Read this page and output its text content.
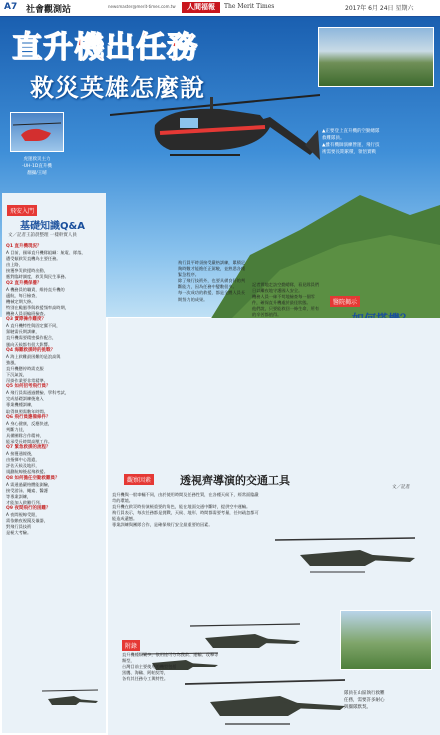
A7 社會觀測站	newsmaster@merit-times.com.tw	人間福報	The Merit Times	2017年 6月 24日 星期六
直升機出任務
救災英雄怎麼說
▲正要登上直升機的空勤總隊
救難隊員。
▲雖有機師演練營運，飛行技
術需要長期累積，領悟實戰
虎運救災主力
-UH-1D直升機
翻攝/王晴
飛安入門
基礎知識Q&A
文／記者王誼晨整理 一樣幹實人員
Q1 直升機現況？
A 目前，國軍直升機隊組織：航電、隊落，
遭受傾救災直機為主要任務。
由上路，
接獲參災救援時出動，
應對臨時調度，救災與民生事務。
Q2 直升機保養？
A 機務員的職責，維持直升機的
適航，每日檢查，
機械定期大修。
特別在颱風季與救援頻率高時期，
機務人員須輪班檢查。
Q3 實際操作難度？
A 直升機特性與固定翼不同，
駕駛需長期訓練，
直升機需要精密操作配合，
風向天候都有很大影響。
Q4 海難救援時的挑戰？
A 海上救難最困難的是浪高與
強風，
直升機懸停時需克服
下沉氣流，
吊掛作業要非常精準。
Q5 如何招考飛行員？
A 飛行員需通過體檢、學科考試，
完成基礎訓練後進入
專業機種訓練，
取得執照需數年時間。
Q6 飛行員應備條件？
A 身心健康，反應快速，
判斷力佳，
具備團隊合作精神，
能承受長時間高壓工作。
Q7 緊急救援的流程？
A 接獲通報後，
由指揮中心派遣，
評估天候及地形，
規劃航線後起飛救援。
Q8 如何擔任空勤救難員？
A 需通過嚴格體能測驗，
接受游泳、繩索、醫護
等專業訓練，
才能加入救難行列。
Q9 夜間飛行的困難？
A 夜間視線受限，
需依賴夜視鏡及儀器，
對飛行員技術
是極大考驗。
飛行員平時須接受嚴格訓練，累積足夠時數才能擔任正駕駛，並熟悉各種緊急程序。
除了飛行技術外，也要具備良好的判斷能力，因為任務中變數很多。
每一次成功的救援，都是全體人員長期努力的成果。
記者實地走訪空勤總隊，看見隊員們日以繼夜地守護國人安全。
機務人員一絲不苟地檢查每一個零件，確保直升機處於最佳狀態。
他們說，只要能救回一條生命，所有的辛苦都值得。
醫院揭示
觀察因素	透視齊導演的交通工具
文／記者
直升機與一般車輛不同，由於使用時間及任務性質，在各種天候下，經常面臨嚴苛的環境。
直升機在救災時扮演極重要的角色，能在地面交通中斷時，提供空中運輸。
飛行員表示，每次任務都是挑戰，天候、地形、時間都需要考量，任何疏忽都可能造成遺憾。
專業訓練與團隊合作，是確保飛行安全最重要的因素。
隊員在山區執行救難
任務，需要許多耐心
與團隊默契。
附錄
直升機種類繁多，依用途可分為搜救、運輸、攻擊等類型，
台灣目前主要使用的機型包括
黑鷹、海鷗、阿帕契等，
各有其任務分工與特性。
